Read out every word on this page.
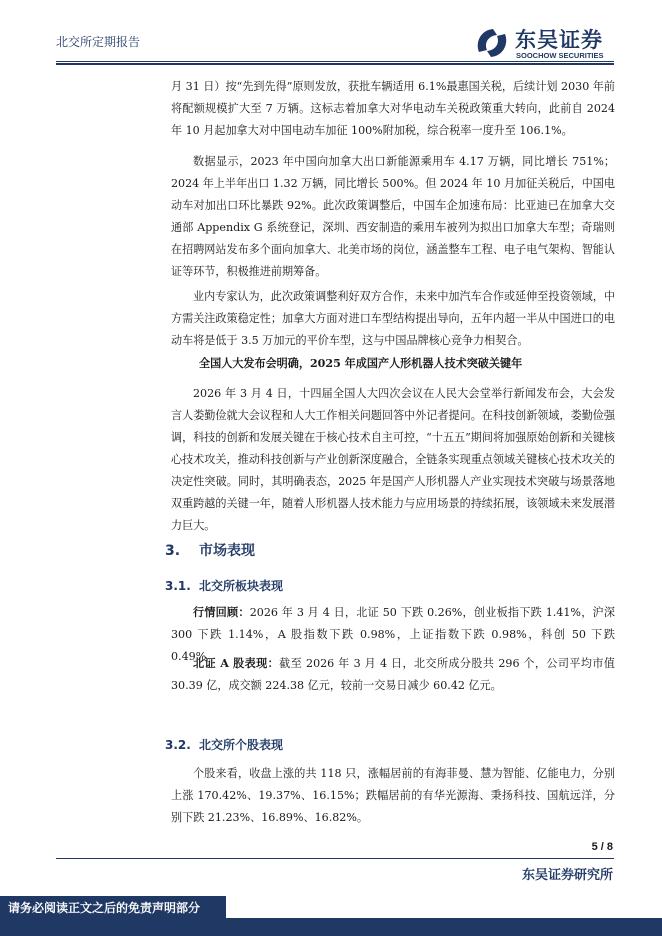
北交所定期报告	东吴证券
SOOCHOW SECURITIES

月 31 日）按“先到先得”原则发放，获批车辆适用 6.1%最惠国关税，后续计划 2030 年前将配额规模扩大至 7 万辆。这标志着加拿大对华电动车关税政策重大转向，此前自 2024 年 10 月起加拿大对中国电动车加征 100%附加税，综合税率一度升至 106.1%。

数据显示，2023 年中国向加拿大出口新能源乘用车 4.17 万辆，同比增长 751%；2024 年上半年出口 1.32 万辆，同比增长 500%。但 2024 年 10 月加征关税后，中国电动车对加出口环比暴跌 92%。此次政策调整后，中国车企加速布局：比亚迪已在加拿大交通部 Appendix G 系统登记，深圳、西安制造的乘用车被列为拟出口加拿大车型；奇瑞则在招聘网站发布多个面向加拿大、北美市场的岗位，涵盖整车工程、电子电气架构、智能认证等环节，积极推进前期筹备。

业内专家认为，此次政策调整利好双方合作，未来中加汽车合作或延伸至投资领域，中方需关注政策稳定性；加拿大方面对进口车型结构提出导向，五年内超一半从中国进口的电动车将是低于 3.5 万加元的平价车型，这与中国品牌核心竞争力相契合。

全国人大发布会明确，2025 年成国产人形机器人技术突破关键年

2026 年 3 月 4 日，十四届全国人大四次会议在人民大会堂举行新闻发布会，大会发言人娄勤俭就大会议程和人大工作相关问题回答中外记者提问。在科技创新领域，娄勤俭强调，科技的创新和发展关键在于核心技术自主可控，“十五五”期间将加强原始创新和关键核心技术攻关，推动科技创新与产业创新深度融合，全链条实现重点领域关键核心技术攻关的决定性突破。同时，其明确表态，2025 年是国产人形机器人产业实现技术突破与场景落地双重跨越的关键一年，随着人形机器人技术能力与应用场景的持续拓展，该领域未来发展潜力巨大。

3. 市场表现
3.1. 北交所板块表现

行情回顾：2026 年 3 月 4 日，北证 50 下跌 0.26%，创业板指下跌 1.41%，沪深 300 下跌 1.14%，A 股指数下跌 0.98%，上证指数下跌 0.98%，科创 50 下跌 0.49%。

北证 A 股表现：截至 2026 年 3 月 4 日，北交所成分股共 296 个，公司平均市值 30.39 亿，成交额 224.38 亿元，较前一交易日减少 60.42 亿元。

3.2. 北交所个股表现

个股来看，收盘上涨的共 118 只，涨幅居前的有海菲曼、慧为智能、亿能电力，分别上涨 170.42%、19.37%、16.15%；跌幅居前的有华光源海、秉扬科技、国航远洋，分别下跌 21.23%、16.89%、16.82%。

5 / 8
东吴证券研究所
请务必阅读正文之后的免责声明部分
